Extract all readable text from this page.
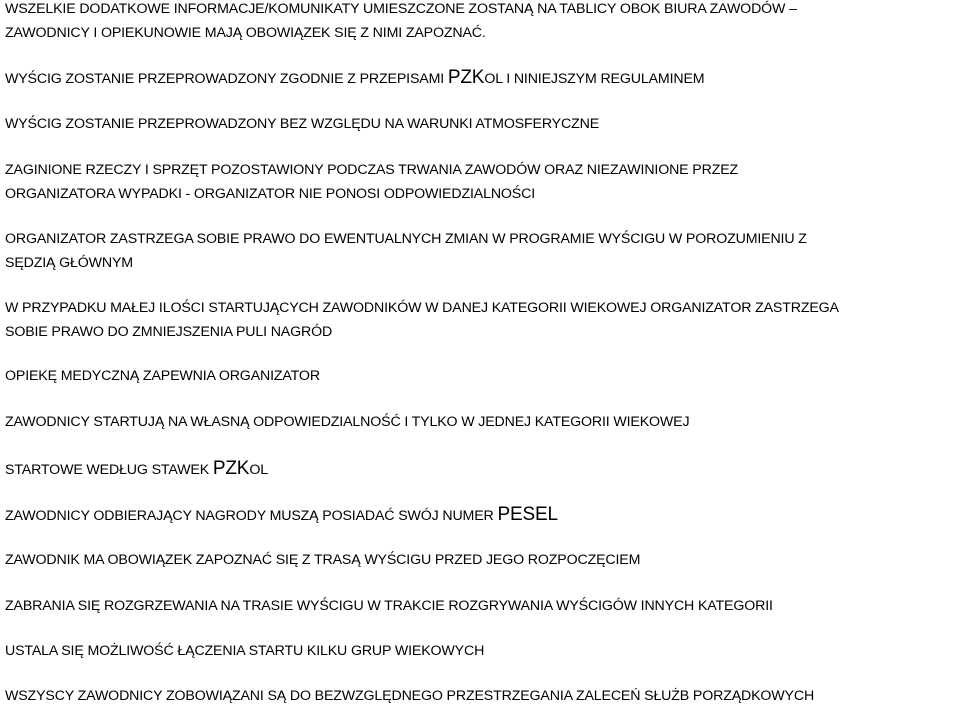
WSZELKIE DODATKOWE INFORMACJE/KOMUNIKATY UMIESZCZONE ZOSTANĄ NA TABLICY OBOK BIURA ZAWODÓW –
ZAWODNICY I OPIEKUNOWIE MAJĄ OBOWIĄZEK SIĘ Z NIMI ZAPOZNAĆ.

WYŚCIG ZOSTANIE PRZEPROWADZONY ZGODNIE Z PRZEPISAMI PZKOL I NINIEJSZYM REGULAMINEM

WYŚCIG ZOSTANIE PRZEPROWADZONY BEZ WZGLĘDU NA WARUNKI ATMOSFERYCZNE

ZAGINIONE RZECZY I SPRZĘT POZOSTAWIONY PODCZAS TRWANIA ZAWODÓW ORAZ NIEZAWINIONE PRZEZ
ORGANIZATORA WYPADKI - ORGANIZATOR NIE PONOSI ODPOWIEDZIALNOŚCI

ORGANIZATOR ZASTRZEGA SOBIE PRAWO DO EWENTUALNYCH ZMIAN W PROGRAMIE WYŚCIGU W POROZUMIENIU Z
SĘDZIĄ GŁÓWNYM

W PRZYPADKU MAŁEJ ILOŚCI STARTUJĄCYCH ZAWODNIKÓW W DANEJ KATEGORII WIEKOWEJ ORGANIZATOR ZASTRZEGA
SOBIE PRAWO DO ZMNIEJSZENIA PULI NAGRÓD

OPIEKĘ MEDYCZNĄ ZAPEWNIA ORGANIZATOR

ZAWODNICY STARTUJĄ NA WŁASNĄ ODPOWIEDZIALNOŚĆ I TYLKO W JEDNEJ KATEGORII WIEKOWEJ

STARTOWE WEDŁUG STAWEK PZKOL

ZAWODNICY ODBIERAJĄCY NAGRODY MUSZĄ POSIADAĆ SWÓJ NUMER PESEL

ZAWODNIK MA OBOWIĄZEK ZAPOZNAĆ SIĘ Z TRASĄ WYŚCIGU PRZED JEGO ROZPOCZĘCIEM

ZABRANIA SIĘ ROZGRZEWANIA NA TRASIE WYŚCIGU W TRAKCIE ROZGRYWANIA WYŚCIGÓW INNYCH KATEGORII

USTALA SIĘ MOŻLIWOŚĆ ŁĄCZENIA STARTU KILKU GRUP WIEKOWYCH

WSZYSCY ZAWODNICY ZOBOWIĄZANI SĄ DO BEZWZGLĘDNEGO PRZESTRZEGANIA ZALECEŃ SŁUŻB PORZĄDKOWYCH
